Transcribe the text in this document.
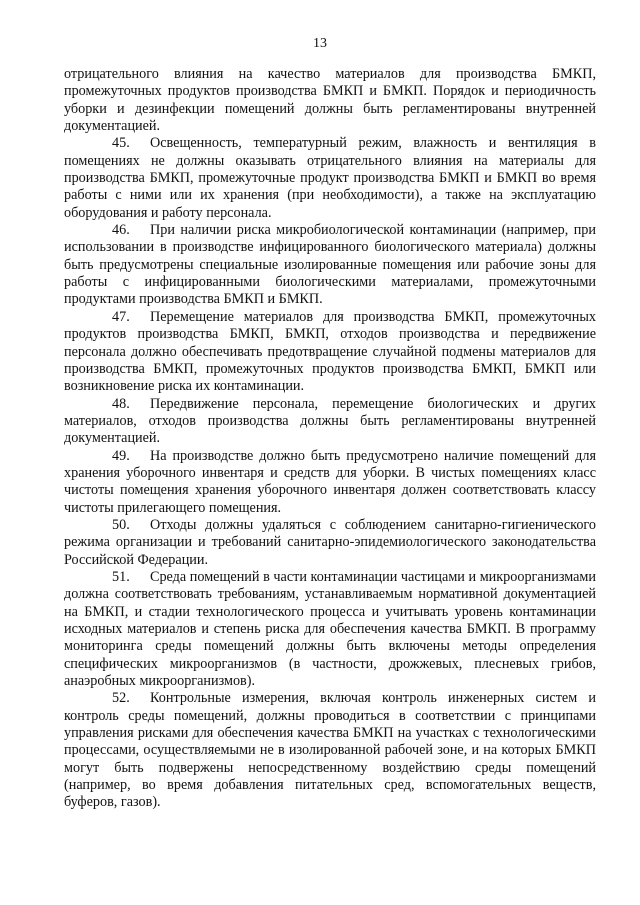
13

отрицательного влияния на качество материалов для производства БМКП, промежуточных продуктов производства БМКП и БМКП. Порядок и периодичность уборки и дезинфекции помещений должны быть регламентированы внутренней документацией.

45. Освещенность, температурный режим, влажность и вентиляция в помещениях не должны оказывать отрицательного влияния на материалы для производства БМКП, промежуточные продукт производства БМКП и БМКП во время работы с ними или их хранения (при необходимости), а также на эксплуатацию оборудования и работу персонала.

46. При наличии риска микробиологической контаминации (например, при использовании в производстве инфицированного биологического материала) должны быть предусмотрены специальные изолированные помещения или рабочие зоны для работы с инфицированными биологическими материалами, промежуточными продуктами производства БМКП и БМКП.

47. Перемещение материалов для производства БМКП, промежуточных продуктов производства БМКП, БМКП, отходов производства и передвижение персонала должно обеспечивать предотвращение случайной подмены материалов для производства БМКП, промежуточных продуктов производства БМКП, БМКП или возникновение риска их контаминации.

48. Передвижение персонала, перемещение биологических и других материалов, отходов производства должны быть регламентированы внутренней документацией.

49. На производстве должно быть предусмотрено наличие помещений для хранения уборочного инвентаря и средств для уборки. В чистых помещениях класс чистоты помещения хранения уборочного инвентаря должен соответствовать классу чистоты прилегающего помещения.

50. Отходы должны удаляться с соблюдением санитарно-гигиенического режима организации и требований санитарно-эпидемиологического законодательства Российской Федерации.

51. Среда помещений в части контаминации частицами и микроорганизмами должна соответствовать требованиям, устанавливаемым нормативной документацией на БМКП, и стадии технологического процесса и учитывать уровень контаминации исходных материалов и степень риска для обеспечения качества БМКП. В программу мониторинга среды помещений должны быть включены методы определения специфических микроорганизмов (в частности, дрожжевых, плесневых грибов, анаэробных микроорганизмов).

52. Контрольные измерения, включая контроль инженерных систем и контроль среды помещений, должны проводиться в соответствии с принципами управления рисками для обеспечения качества БМКП на участках с технологическими процессами, осуществляемыми не в изолированной рабочей зоне, и на которых БМКП могут быть подвержены непосредственному воздействию среды помещений (например, во время добавления питательных сред, вспомогательных веществ, буферов, газов).
